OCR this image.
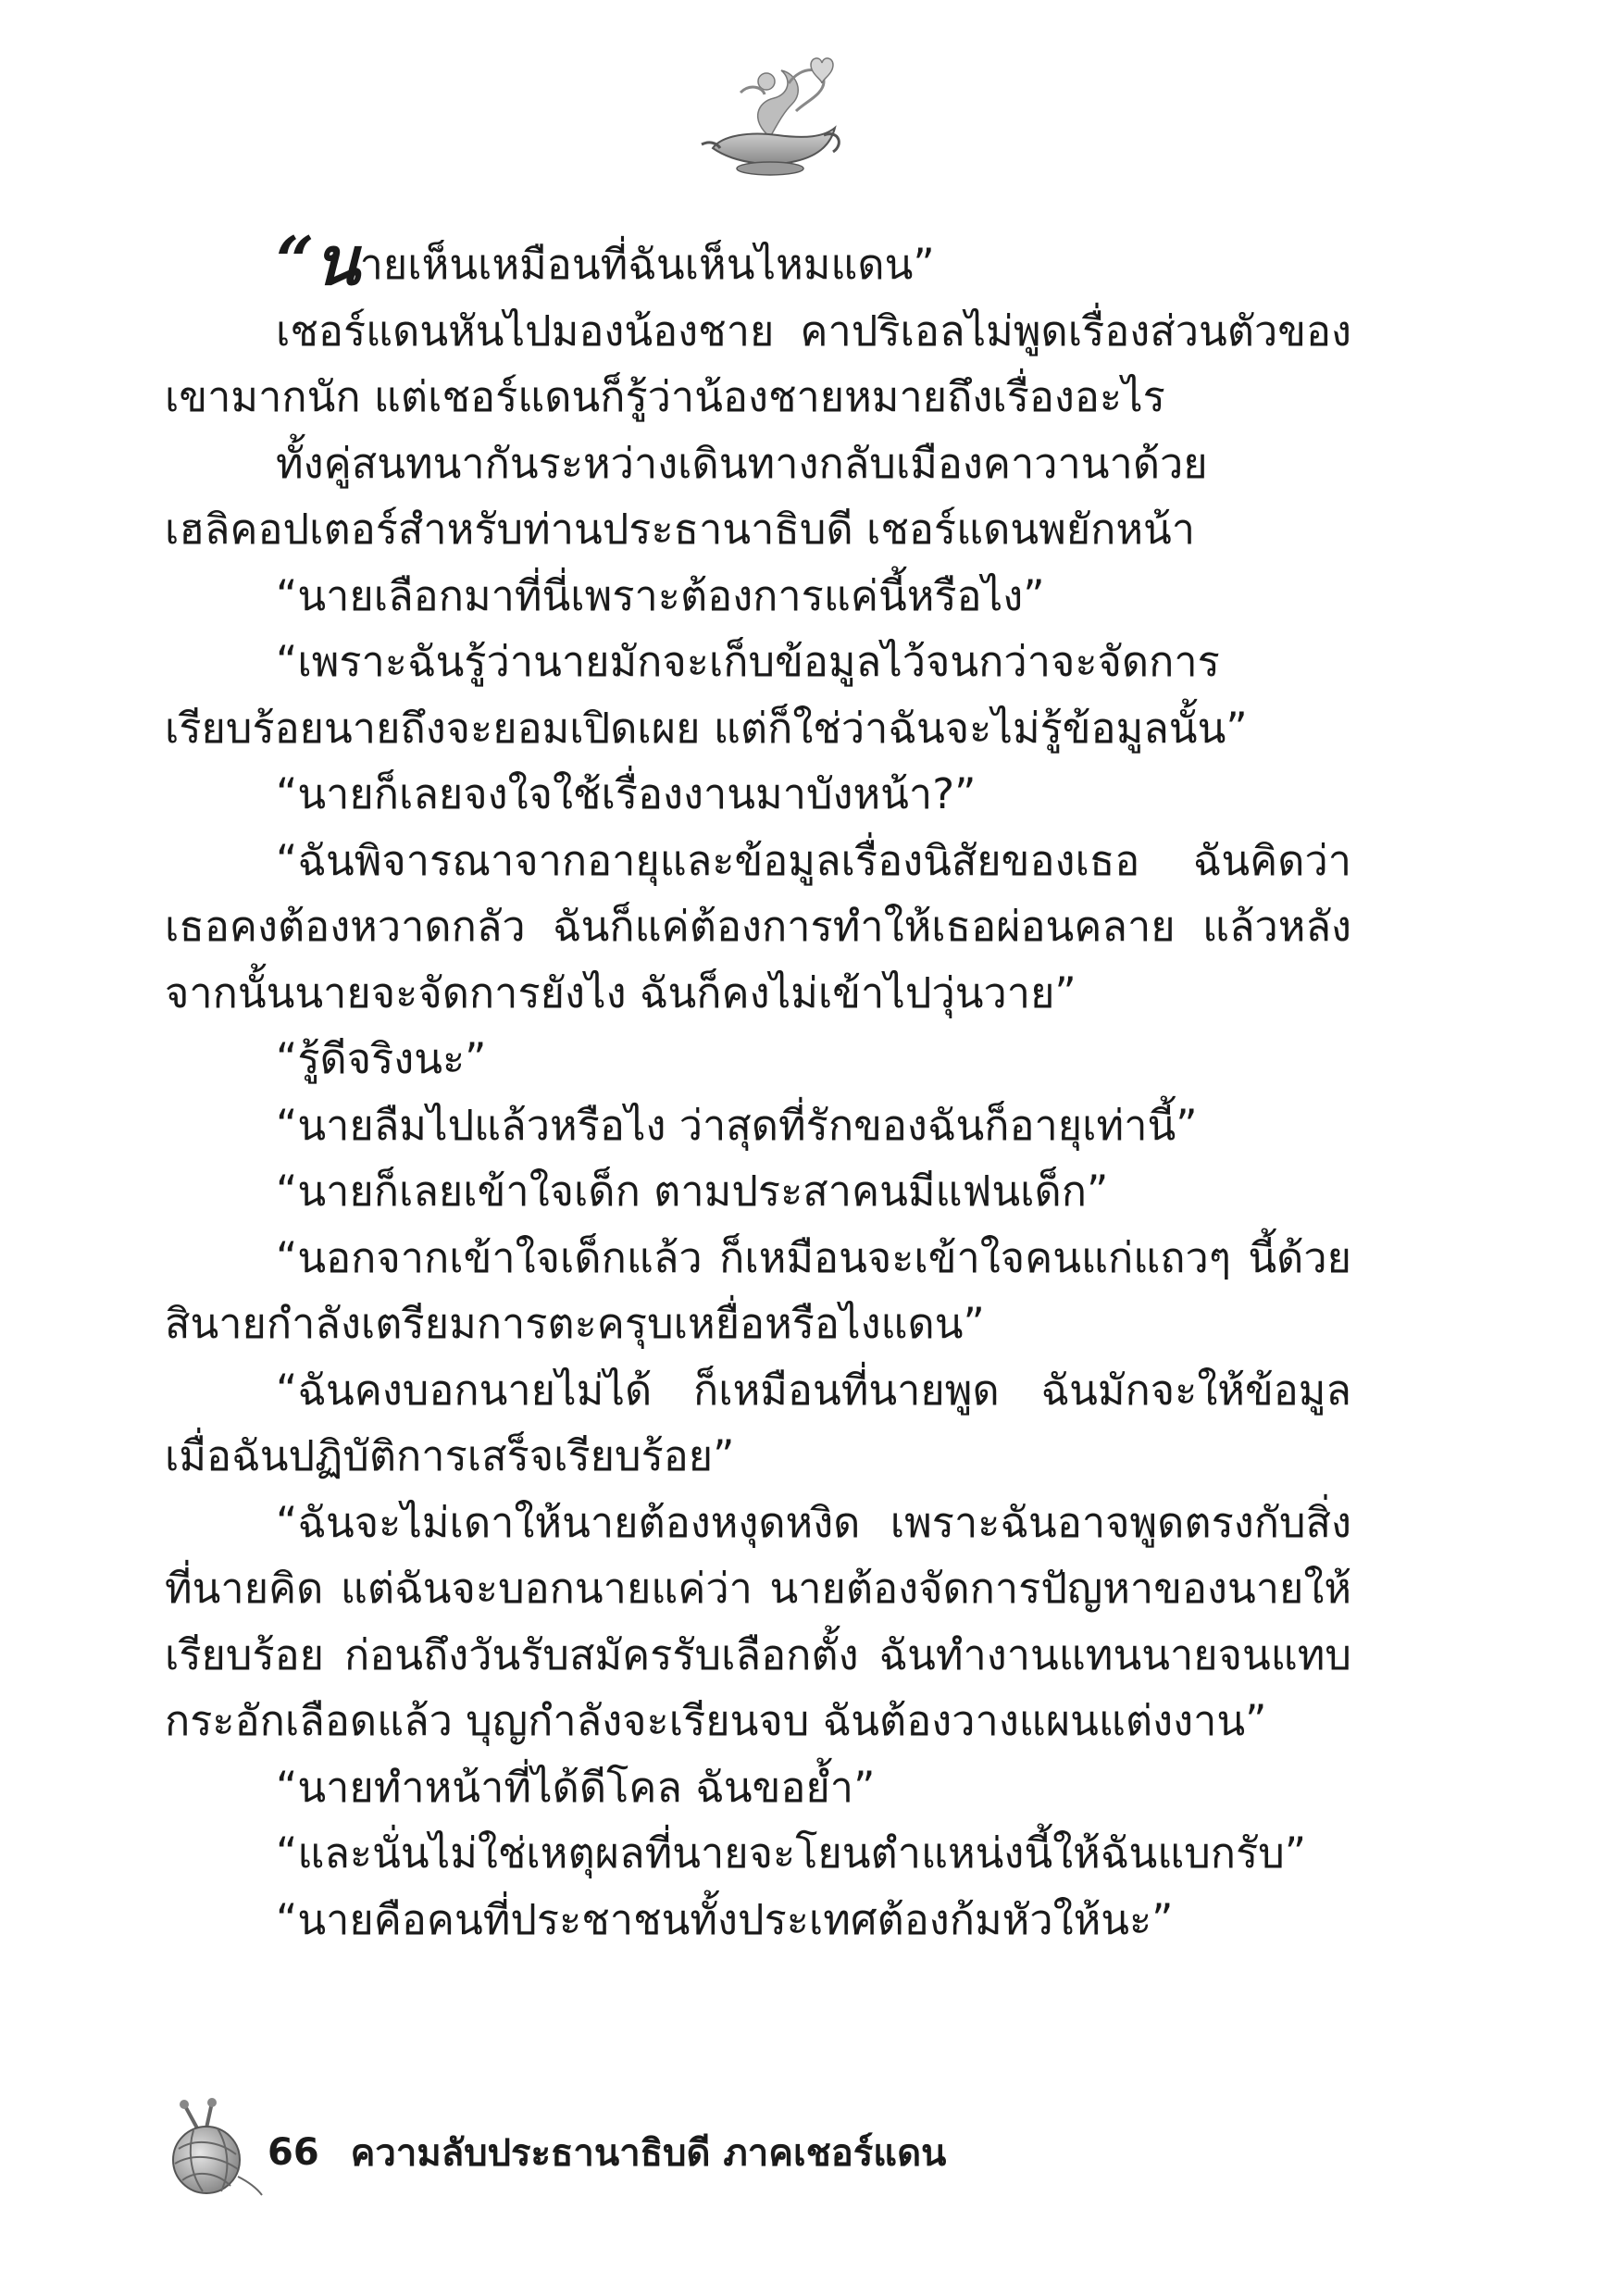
“นายเห็นเหมือนที่ฉันเห็นไหมแดน”

เชอร์แดนหันไปมองน้องชาย คาปริเอลไม่พูดเรื่องส่วนตัวของเขามากนัก แต่เชอร์แดนก็รู้ว่าน้องชายหมายถึงเรื่องอะไร

ทั้งคู่สนทนากันระหว่างเดินทางกลับเมืองคาวานาด้วยเฮลิคอปเตอร์สำหรับท่านประธานาธิบดี เชอร์แดนพยักหน้า

“นายเลือกมาที่นี่เพราะต้องการแค่นี้หรือไง”

“เพราะฉันรู้ว่านายมักจะเก็บข้อมูลไว้จนกว่าจะจัดการเรียบร้อยนายถึงจะยอมเปิดเผย แต่ก็ใช่ว่าฉันจะไม่รู้ข้อมูลนั้น”

“นายก็เลยจงใจใช้เรื่องงานมาบังหน้า?”

“ฉันพิจารณาจากอายุและข้อมูลเรื่องนิสัยของเธอ ฉันคิดว่าเธอคงต้องหวาดกลัว ฉันก็แค่ต้องการทำให้เธอผ่อนคลาย แล้วหลังจากนั้นนายจะจัดการยังไง ฉันก็คงไม่เข้าไปวุ่นวาย”

“รู้ดีจริงนะ”

“นายลืมไปแล้วหรือไง ว่าสุดที่รักของฉันก็อายุเท่านี้”

“นายก็เลยเข้าใจเด็ก ตามประสาคนมีแฟนเด็ก”

“นอกจากเข้าใจเด็กแล้ว ก็เหมือนจะเข้าใจคนแก่แถวๆ นี้ด้วยสินายกำลังเตรียมการตะครุบเหยื่อหรือไงแดน”

“ฉันคงบอกนายไม่ได้ ก็เหมือนที่นายพูด ฉันมักจะให้ข้อมูลเมื่อฉันปฏิบัติการเสร็จเรียบร้อย”

“ฉันจะไม่เดาให้นายต้องหงุดหงิด เพราะฉันอาจพูดตรงกับสิ่งที่นายคิด แต่ฉันจะบอกนายแค่ว่า นายต้องจัดการปัญหาของนายให้เรียบร้อย ก่อนถึงวันรับสมัครรับเลือกตั้ง ฉันทำงานแทนนายจนแทบกระอักเลือดแล้ว บุญกำลังจะเรียนจบ ฉันต้องวางแผนแต่งงาน”

“นายทำหน้าที่ได้ดีโคล ฉันขอย้ำ”

“และนั่นไม่ใช่เหตุผลที่นายจะโยนตำแหน่งนี้ให้ฉันแบกรับ”

“นายคือคนที่ประชาชนทั้งประเทศต้องก้มหัวให้นะ”

66 ความลับประธานาธิบดี ภาคเชอร์แดน
